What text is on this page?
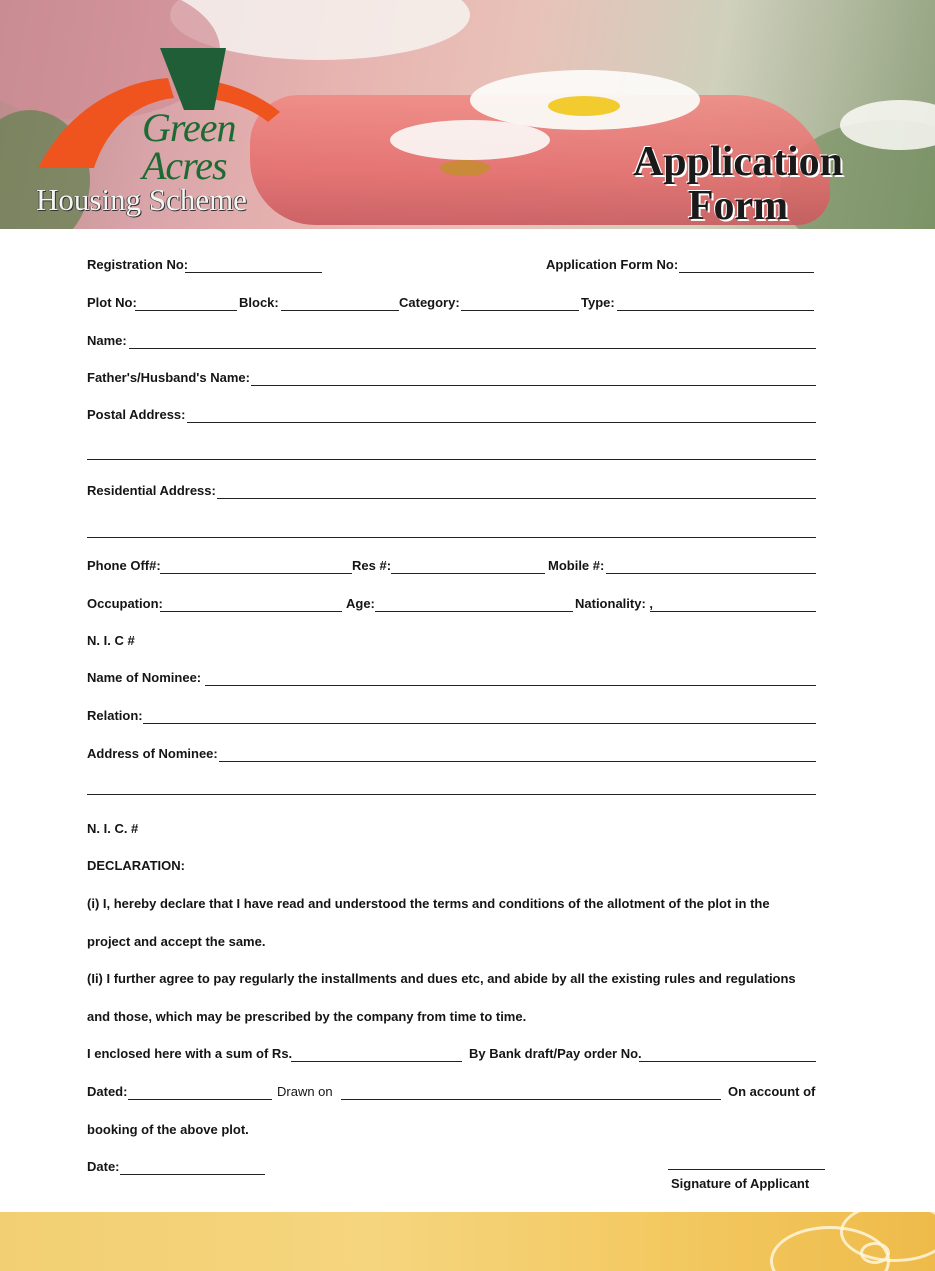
Green
Acres
Housing Scheme
Application
Form
Registration No:	Application Form No:
Plot No:	Block:	Category:	Type:
Name:
Father's/Husband's Name:
Postal Address:
Residential Address:
Phone Off#:	Res #:	Mobile #:
Occupation:	Age:	Nationality: ,
N. I. C #
Name of Nominee:
Relation:
Address of Nominee:
N. I. C. #
DECLARATION:
(i) I, hereby declare that I have read and understood the terms and conditions of the allotment of the plot in the
project and accept the same.
(Ii) I further agree to pay regularly the installments and dues etc, and abide by all the existing rules and regulations
and those, which may be prescribed by the company from time to time.
I enclosed here with a sum of Rs.	By Bank draft/Pay order No.
Dated:	Drawn on	On account of
booking of the above plot.
Date:
Signature of Applicant
